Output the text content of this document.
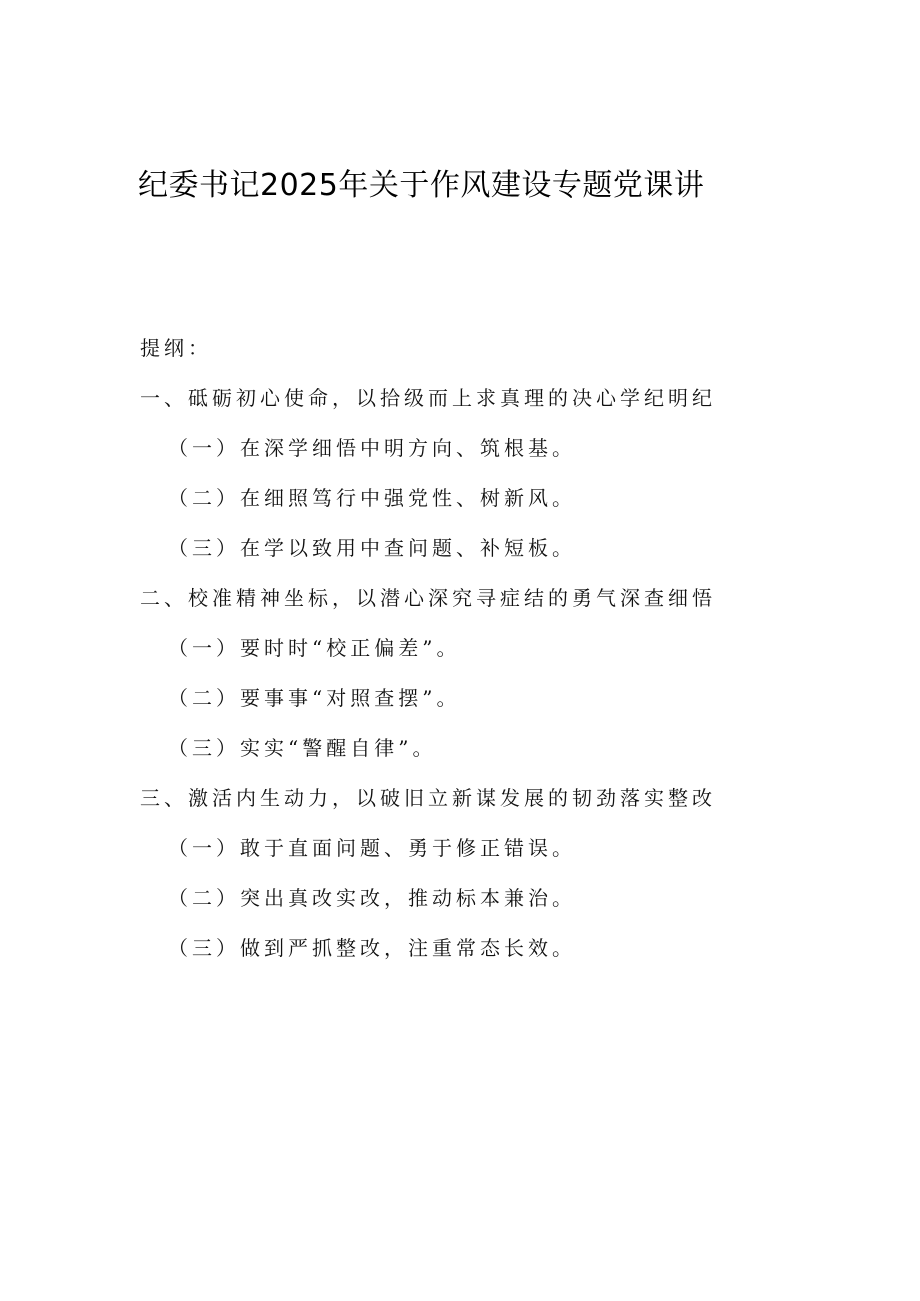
纪委书记2025年关于作风建设专题党课讲
提纲：
一、砥砺初心使命，以拾级而上求真理的决心学纪明纪
（一）在深学细悟中明方向、筑根基。
（二）在细照笃行中强党性、树新风。
（三）在学以致用中查问题、补短板。
二、校准精神坐标，以潜心深究寻症结的勇气深查细悟
（一）要时时“校正偏差”。
（二）要事事“对照查摆”。
（三）实实“警醒自律”。
三、激活内生动力，以破旧立新谋发展的韧劲落实整改
（一）敢于直面问题、勇于修正错误。
（二）突出真改实改，推动标本兼治。
（三）做到严抓整改，注重常态长效。
